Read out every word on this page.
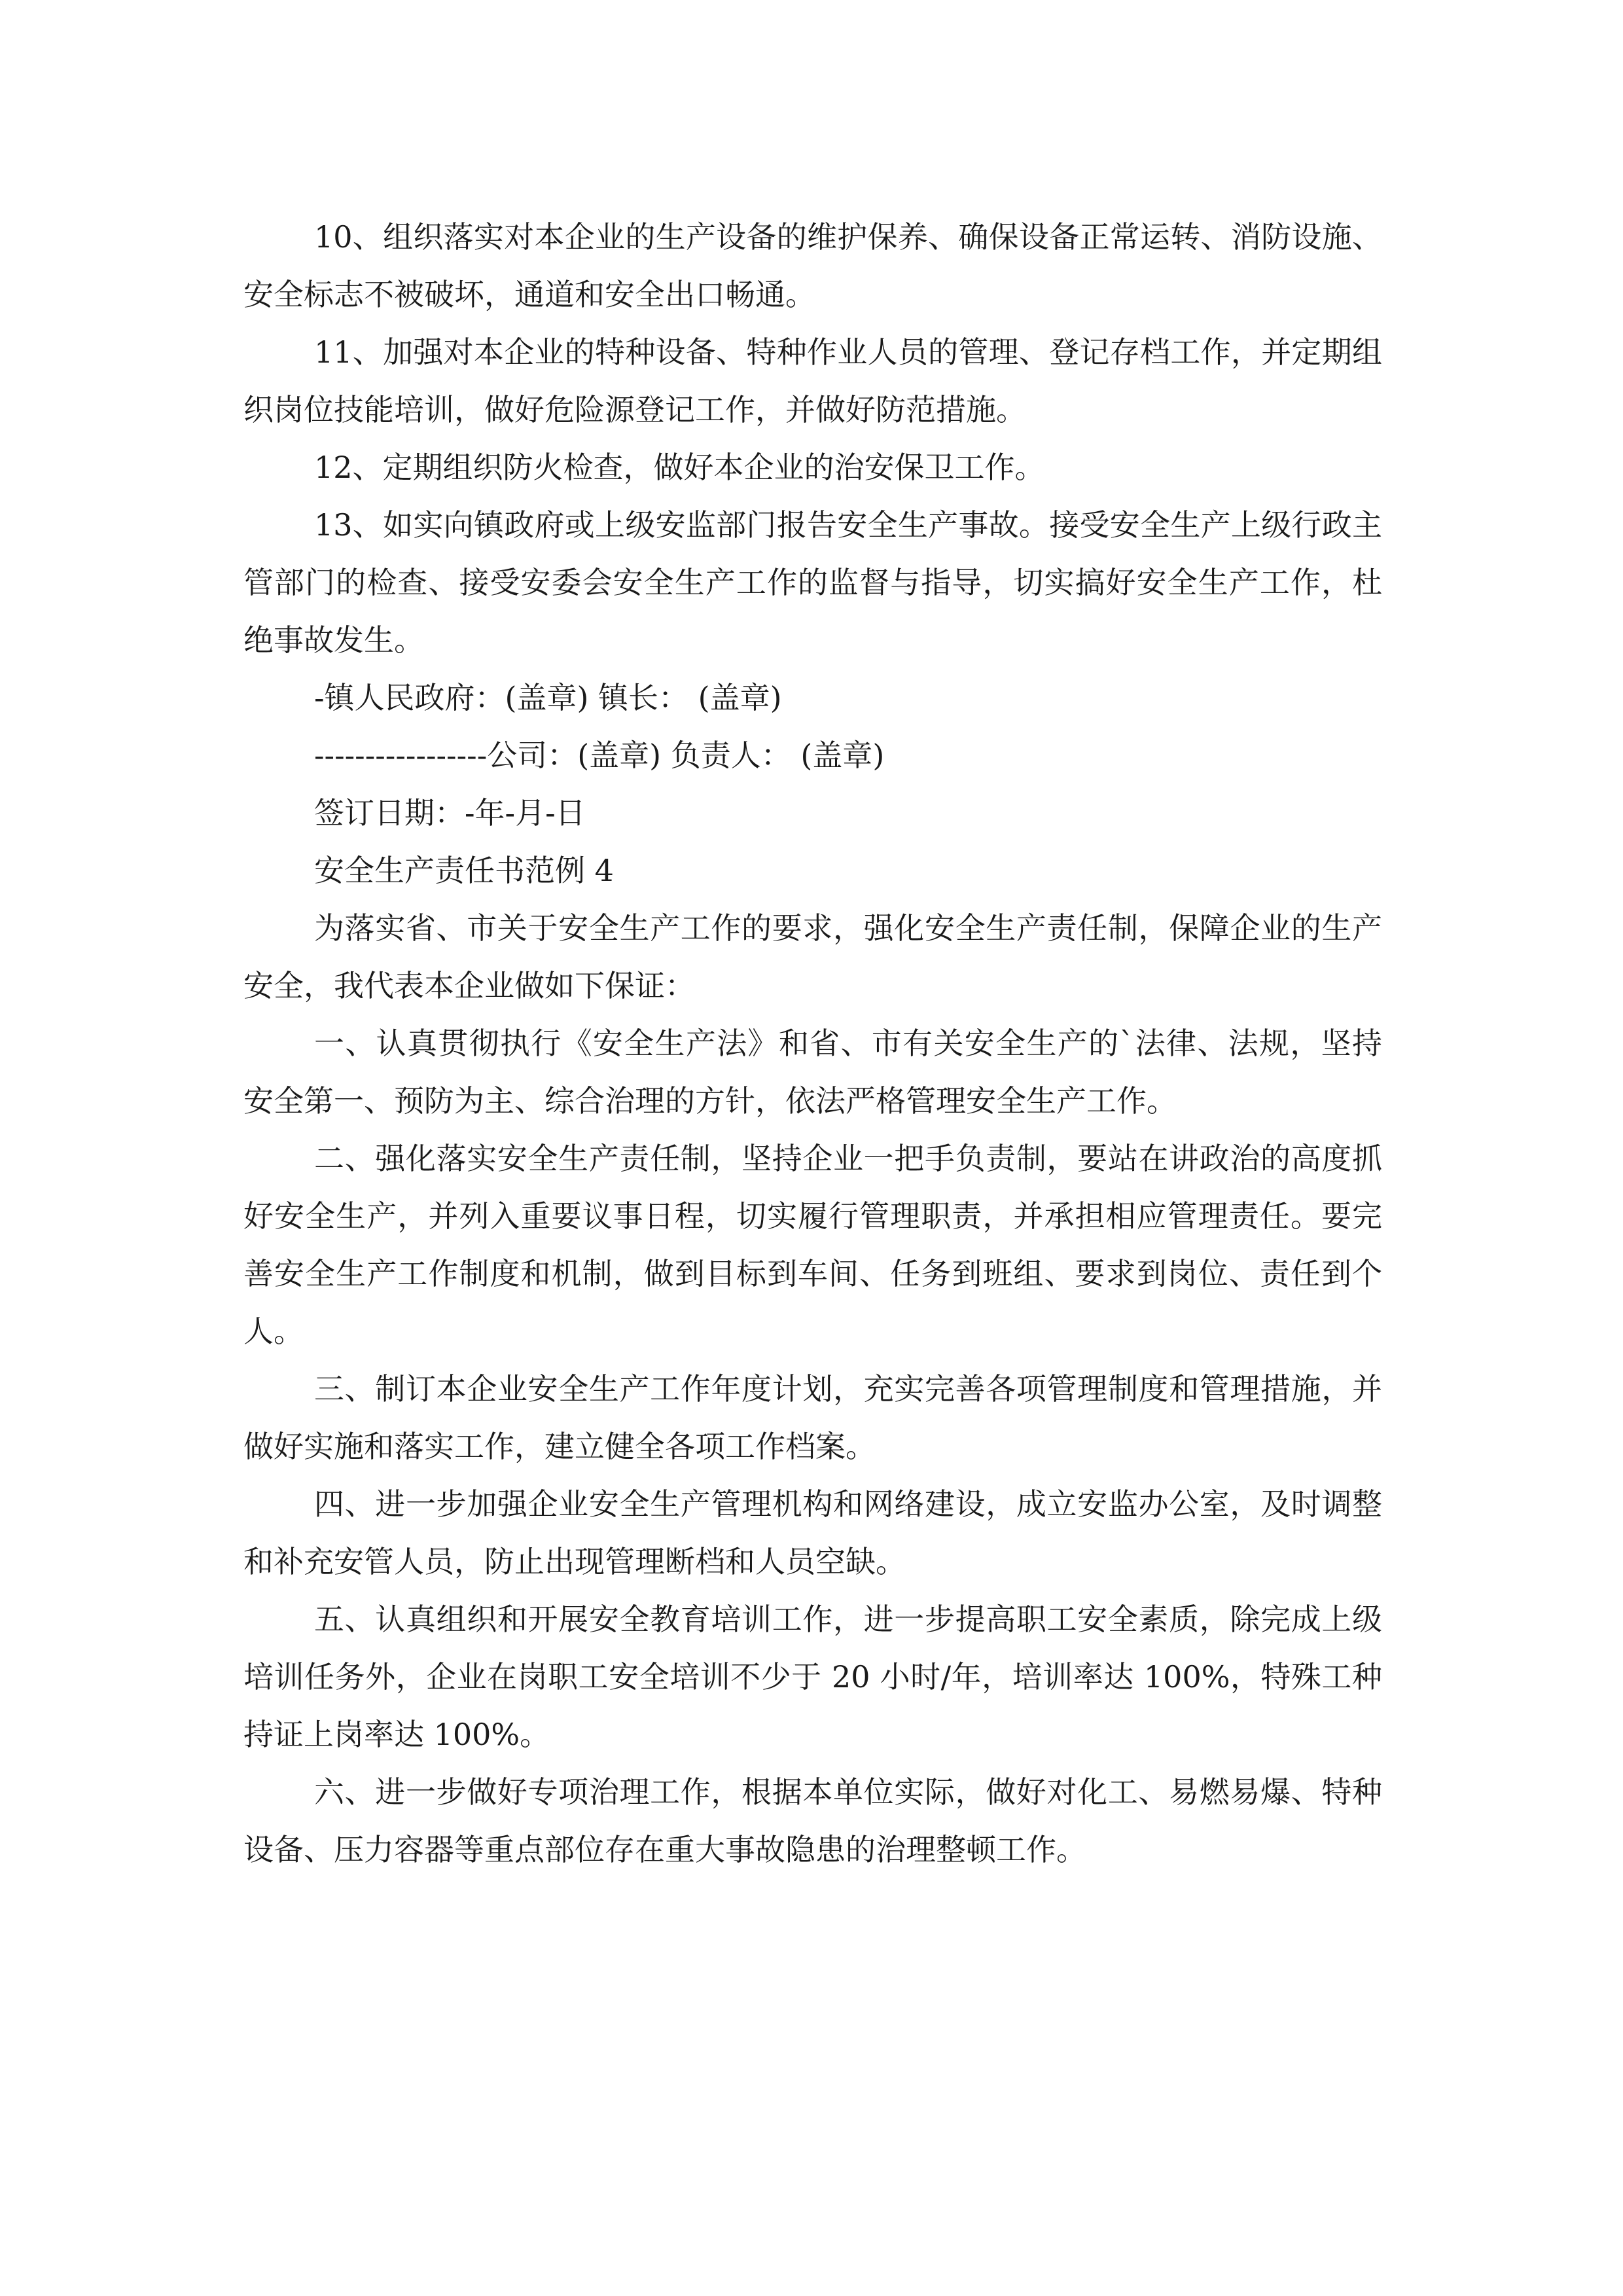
10、组织落实对本企业的生产设备的维护保养、确保设备正常运转、消防设施、安全标志不被破坏，通道和安全出口畅通。

11、加强对本企业的特种设备、特种作业人员的管理、登记存档工作，并定期组织岗位技能培训，做好危险源登记工作，并做好防范措施。

12、定期组织防火检查，做好本企业的治安保卫工作。

13、如实向镇政府或上级安监部门报告安全生产事故。接受安全生产上级行政主管部门的检查、接受安委会安全生产工作的监督与指导，切实搞好安全生产工作，杜绝事故发生。

-镇人民政府：(盖章) 镇长： (盖章)

-----------------公司：(盖章) 负责人： (盖章)

签订日期：-年-月-日

安全生产责任书范例 4

为落实省、市关于安全生产工作的要求，强化安全生产责任制，保障企业的生产安全，我代表本企业做如下保证：

一、认真贯彻执行《安全生产法》和省、市有关安全生产的`法律、法规，坚持安全第一、预防为主、综合治理的方针，依法严格管理安全生产工作。

二、强化落实安全生产责任制，坚持企业一把手负责制，要站在讲政治的高度抓好安全生产，并列入重要议事日程，切实履行管理职责，并承担相应管理责任。要完善安全生产工作制度和机制，做到目标到车间、任务到班组、要求到岗位、责任到个人。

三、制订本企业安全生产工作年度计划，充实完善各项管理制度和管理措施，并做好实施和落实工作，建立健全各项工作档案。

四、进一步加强企业安全生产管理机构和网络建设，成立安监办公室，及时调整和补充安管人员，防止出现管理断档和人员空缺。

五、认真组织和开展安全教育培训工作，进一步提高职工安全素质，除完成上级培训任务外，企业在岗职工安全培训不少于 20 小时/年，培训率达 100%，特殊工种持证上岗率达 100%。

六、进一步做好专项治理工作，根据本单位实际，做好对化工、易燃易爆、特种设备、压力容器等重点部位存在重大事故隐患的治理整顿工作。
